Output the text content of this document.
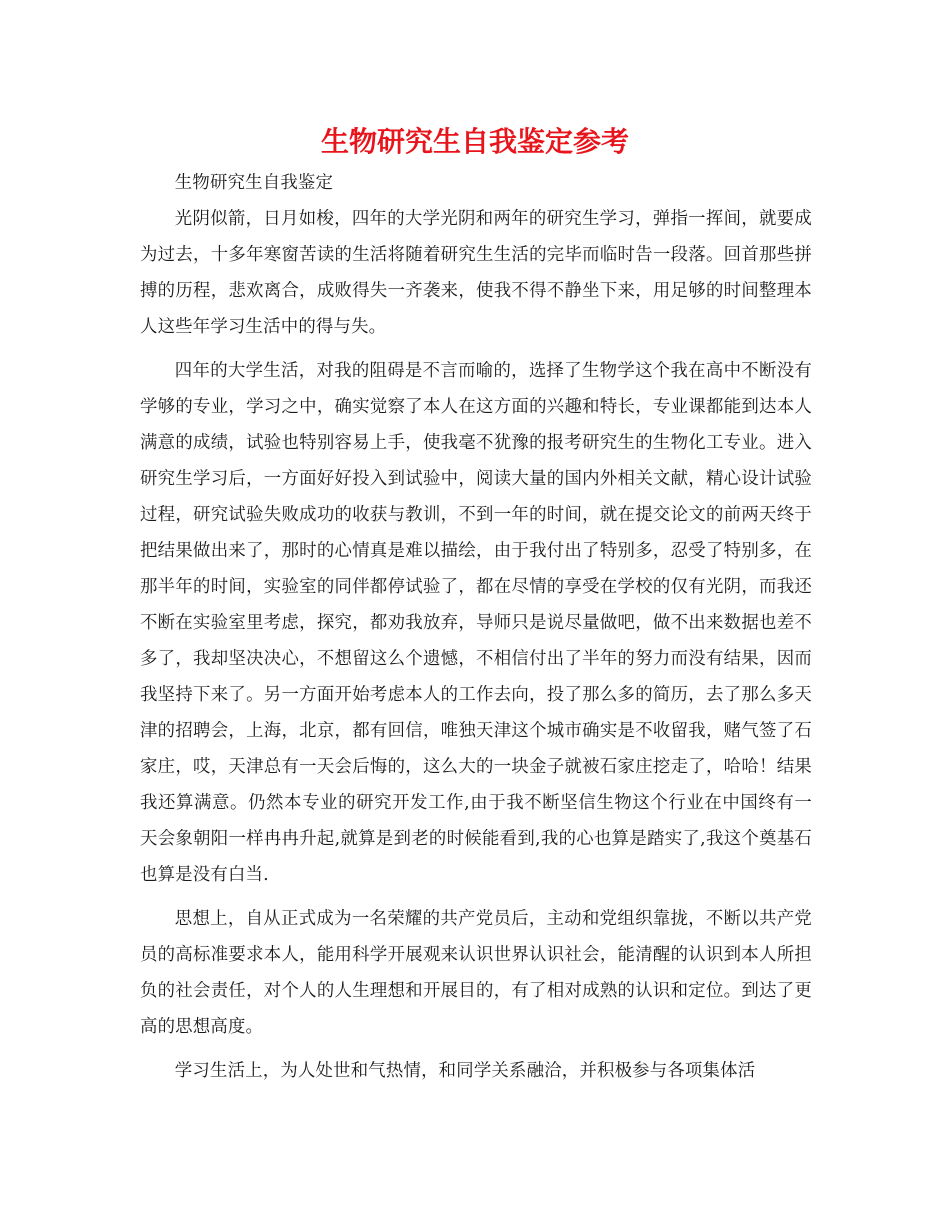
生物研究生自我鉴定参考

生物研究生自我鉴定

光阴似箭，日月如梭，四年的大学光阴和两年的研究生学习，弹指一挥间，就要成为过去，十多年寒窗苦读的生活将随着研究生生活的完毕而临时告一段落。回首那些拼搏的历程，悲欢离合，成败得失一齐袭来，使我不得不静坐下来，用足够的时间整理本人这些年学习生活中的得与失。

四年的大学生活，对我的阻碍是不言而喻的，选择了生物学这个我在高中不断没有学够的专业，学习之中，确实觉察了本人在这方面的兴趣和特长，专业课都能到达本人满意的成绩，试验也特别容易上手，使我毫不犹豫的报考研究生的生物化工专业。进入研究生学习后，一方面好好投入到试验中，阅读大量的国内外相关文献，精心设计试验过程，研究试验失败成功的收获与教训，不到一年的时间，就在提交论文的前两天终于把结果做出来了，那时的心情真是难以描绘，由于我付出了特别多，忍受了特别多，在那半年的时间，实验室的同伴都停试验了，都在尽情的享受在学校的仅有光阴，而我还不断在实验室里考虑，探究，都劝我放弃，导师只是说尽量做吧，做不出来数据也差不多了，我却坚决决心，不想留这么个遗憾，不相信付出了半年的努力而没有结果，因而我坚持下来了。另一方面开始考虑本人的工作去向，投了那么多的简历，去了那么多天津的招聘会，上海，北京，都有回信，唯独天津这个城市确实是不收留我，赌气签了石家庄，哎，天津总有一天会后悔的，这么大的一块金子就被石家庄挖走了，哈哈！结果我还算满意。仍然本专业的研究开发工作,由于我不断坚信生物这个行业在中国终有一天会象朝阳一样冉冉升起,就算是到老的时候能看到,我的心也算是踏实了,我这个奠基石也算是没有白当.

思想上，自从正式成为一名荣耀的共产党员后，主动和党组织靠拢，不断以共产党员的高标准要求本人，能用科学开展观来认识世界认识社会，能清醒的认识到本人所担负的社会责任，对个人的人生理想和开展目的，有了相对成熟的认识和定位。到达了更高的思想高度。

学习生活上，为人处世和气热情，和同学关系融洽，并积极参与各项集体活
